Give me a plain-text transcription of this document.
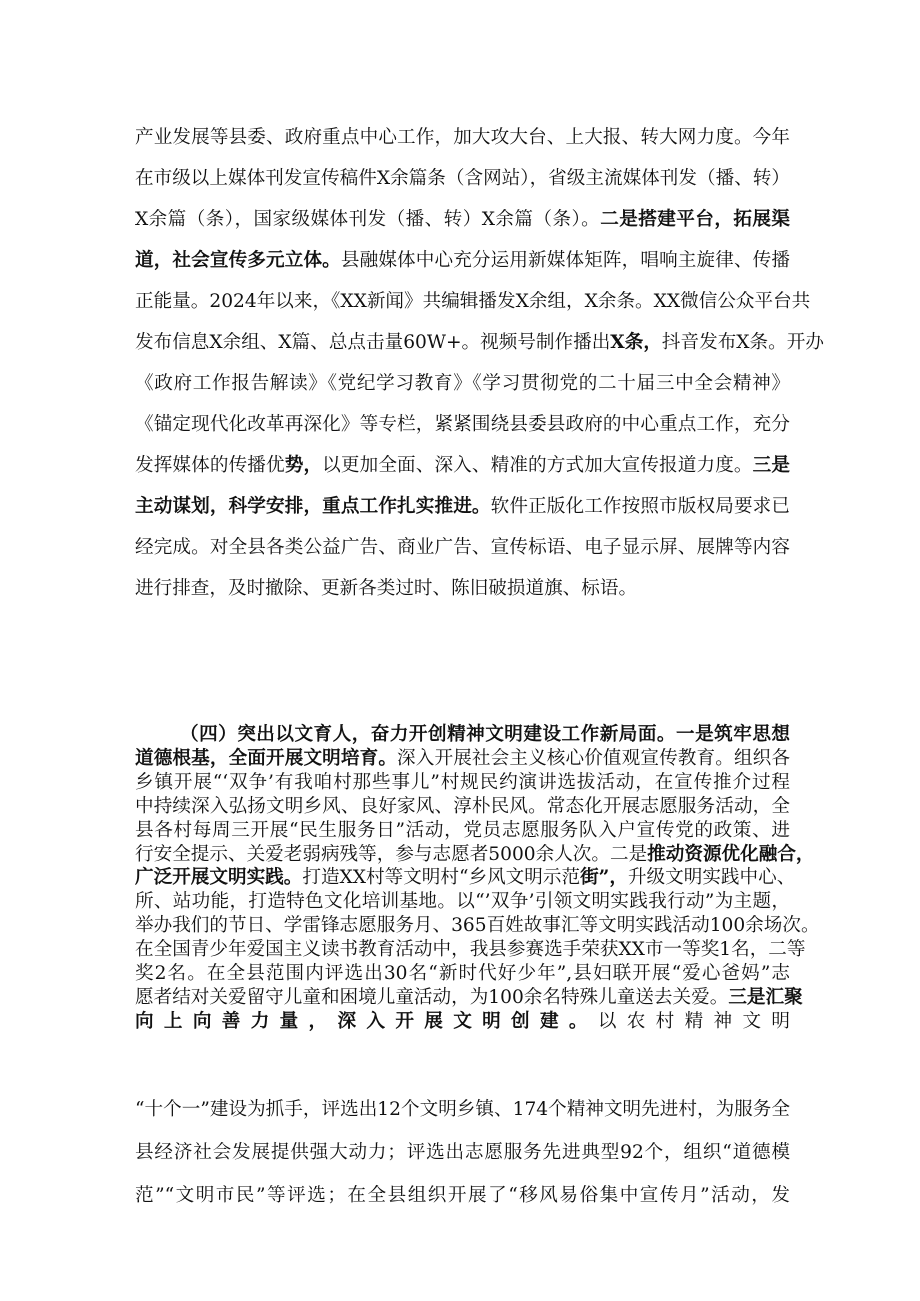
产业发展等县委、政府重点中心工作，加大攻大台、上大报、转大网力度。今年
在市级以上媒体刊发宣传稿件X余篇条（含网站），省级主流媒体刊发（播、转）
X余篇（条），国家级媒体刊发（播、转）X余篇（条）。二是搭建平台，拓展渠
道，社会宣传多元立体。县融媒体中心充分运用新媒体矩阵，唱响主旋律、传播
正能量。2024年以来，《XX新闻》共编辑播发X余组，X余条。XX微信公众平台共
发布信息X余组、X篇、总点击量60W+。视频号制作播出X条，抖音发布X条。开办
《政府工作报告解读》《党纪学习教育》《学习贯彻党的二十届三中全会精神》
《锚定现代化改革再深化》等专栏，紧紧围绕县委县政府的中心重点工作，充分
发挥媒体的传播优势，以更加全面、深入、精准的方式加大宣传报道力度。三是
主动谋划，科学安排，重点工作扎实推进。软件正版化工作按照市版权局要求已
经完成。对全县各类公益广告、商业广告、宣传标语、电子显示屏、展牌等内容
进行排查，及时撤除、更新各类过时、陈旧破损道旗、标语。
（四）突出以文育人，奋力开创精神文明建设工作新局面。一是筑牢思想
道德根基，全面开展文明培育。深入开展社会主义核心价值观宣传教育。组织各
乡镇开展“‘双争’有我咱村那些事儿”村规民约演讲选拔活动，在宣传推介过程
中持续深入弘扬文明乡风、良好家风、淳朴民风。常态化开展志愿服务活动，全
县各村每周三开展“民生服务日”活动，党员志愿服务队入户宣传党的政策、进
行安全提示、关爱老弱病残等，参与志愿者5000余人次。二是推动资源优化融合，
广泛开展文明实践。打造XX村等文明村“乡风文明示范街”，升级文明实践中心、
所、站功能，打造特色文化培训基地。以“’双争’引领文明实践我行动”为主题，
举办我们的节日、学雷锋志愿服务月、365百姓故事汇等文明实践活动100余场次。
在全国青少年爱国主义读书教育活动中，我县参赛选手荣获XX市一等奖1名，二等
奖2名。在全县范围内评选出30名“新时代好少年”,县妇联开展“爱心爸妈”志
愿者结对关爱留守儿童和困境儿童活动，为100余名特殊儿童送去关爱。三是汇聚
向上向善力量，深入开展文明创建。以农村精神文明
“十个一”建设为抓手，评选出12个文明乡镇、174个精神文明先进村，为服务全
县经济社会发展提供强大动力；评选出志愿服务先进典型92个，组织“道德模
范”“文明市民”等评选；在全县组织开展了“移风易俗集中宣传月”活动，发
